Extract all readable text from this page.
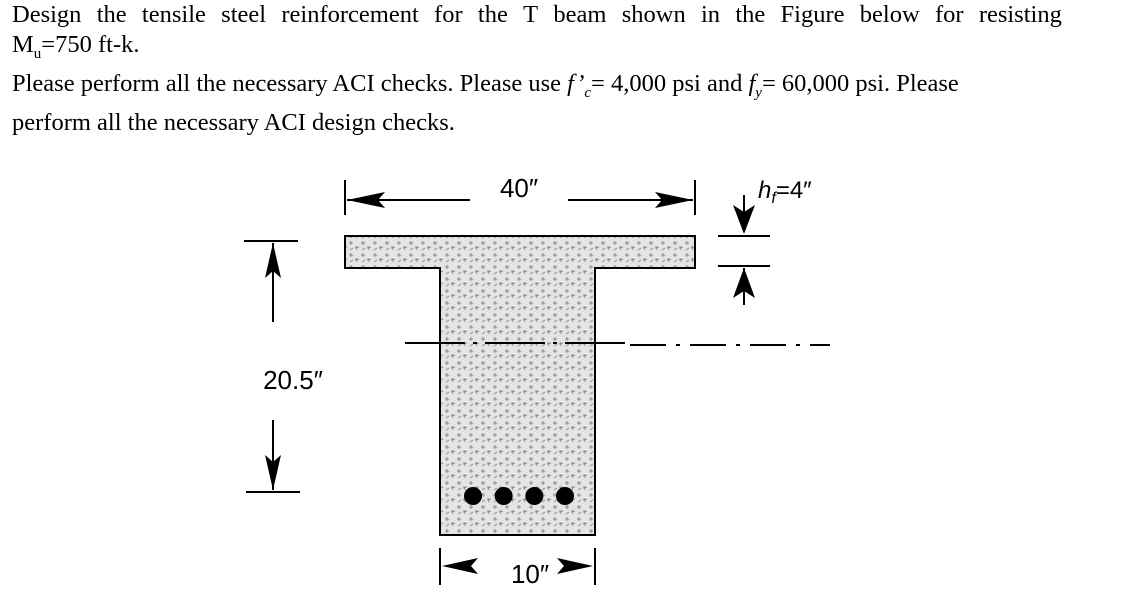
Design the tensile steel reinforcement for the T beam shown in the Figure below for resisting
$M_u=750$ ft-k.
Please perform all the necessary ACI checks. Please use $f’_c= 4,000$ psi and $f_y= 60,000$ psi. Please
perform all the necessary ACI design checks.
40″
10″
20.5″
$h_f=4''$
